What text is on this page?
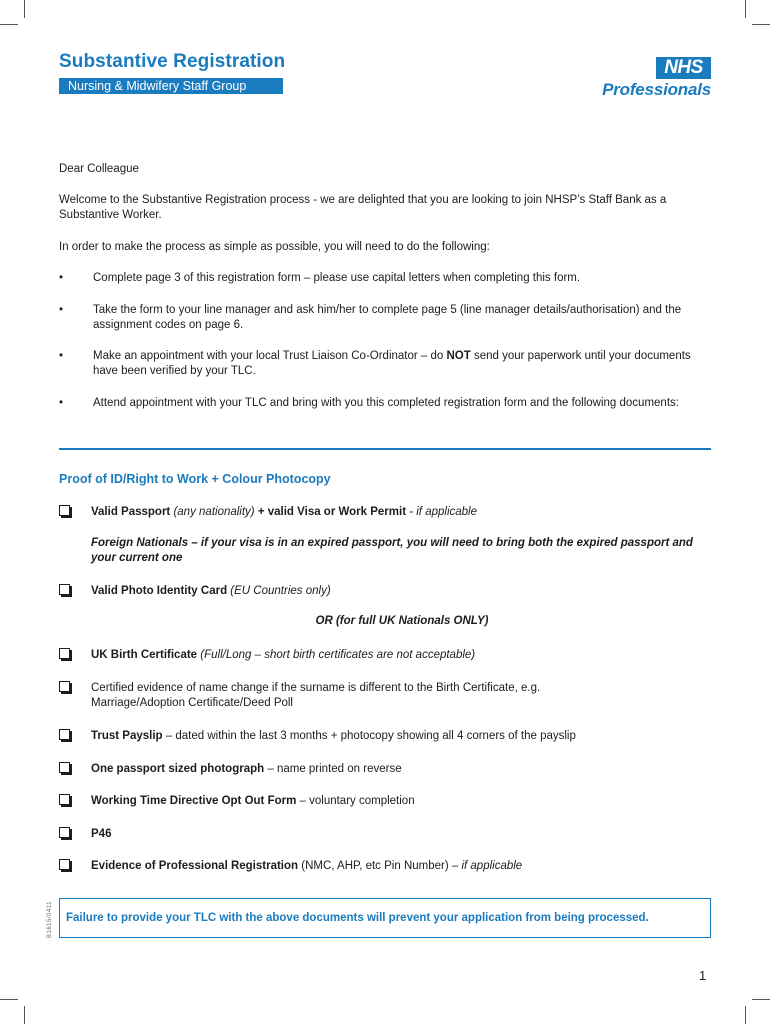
Substantive Registration
Nursing & Midwifery Staff Group
NHS
Professionals

Dear Colleague

Welcome to the Substantive Registration process - we are delighted that you are looking to join NHSP’s Staff Bank as a Substantive Worker.

In order to make the process as simple as possible, you will need to do the following:

•	Complete page 3 of this registration form – please use capital letters when completing this form.
•	Take the form to your line manager and ask him/her to complete page 5 (line manager details/authorisation) and the assignment codes on page 6.
•	Make an appointment with your local Trust Liaison Co-Ordinator – do NOT send your paperwork until your documents have been verified by your TLC.
•	Attend appointment with your TLC and bring with you this completed registration form and the following documents:
Proof of ID/Right to Work + Colour Photocopy
Valid Passport (any nationality) + valid Visa or Work Permit - if applicable
Foreign Nationals – if your visa is in an expired passport, you will need to bring both the expired passport and your current one
Valid Photo Identity Card (EU Countries only)
OR (for full UK Nationals ONLY)
UK Birth Certificate (Full/Long – short birth certificates are not acceptable)
Certified evidence of name change if the surname is different to the Birth Certificate, e.g. Marriage/Adoption Certificate/Deed Poll
Trust Payslip – dated within the last 3 months + photocopy showing all 4 corners of the payslip
One passport sized photograph – name printed on reverse
Working Time Directive Opt Out Form – voluntary completion
P46
Evidence of Professional Registration (NMC, AHP, etc Pin Number) – if applicable
Failure to provide your TLC with the above documents will prevent your application from being processed.
B1615/0411
1
